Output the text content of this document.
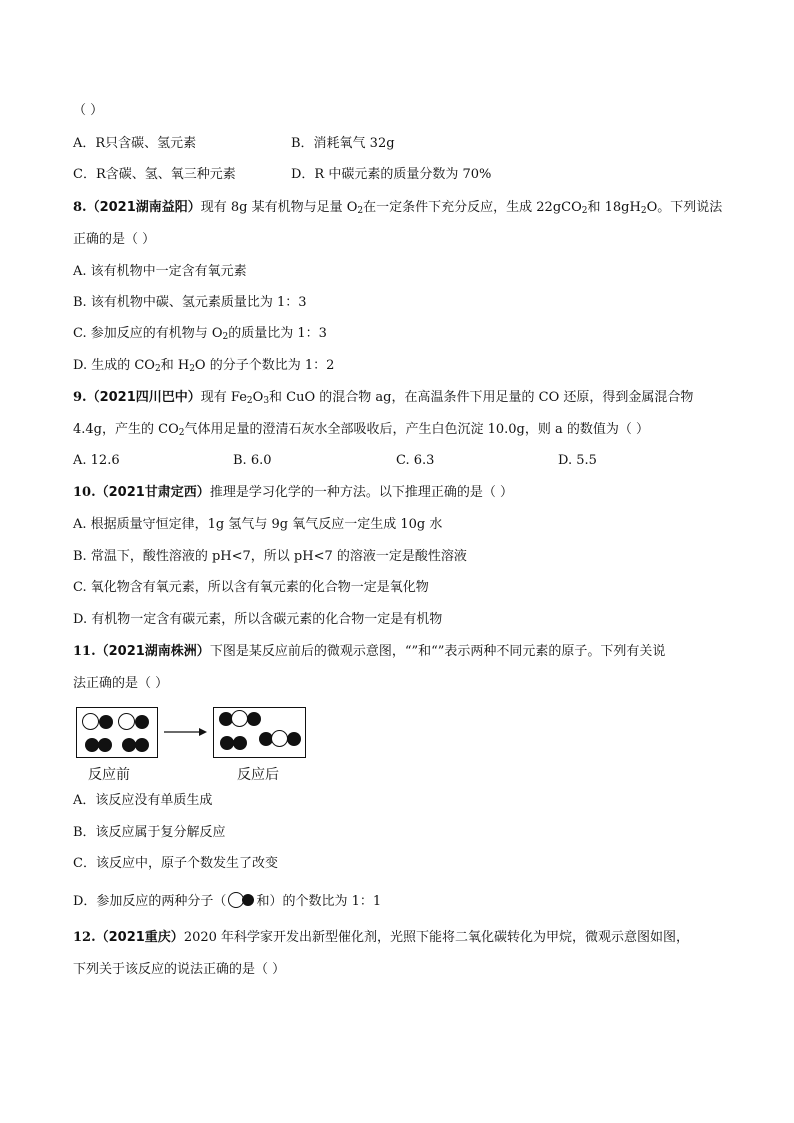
（ ）
A．R只含碳、氢元素	B．消耗氧气 32g
C．R含碳、氢、氧三种元素	D．R 中碳元素的质量分数为 70%
8.（2021湖南益阳）现有 8g 某有机物与足量 $O_2$在一定条件下充分反应，生成 22gCO$_2$和 $18gH_2O$。下列说法
正确的是（ ）
A. 该有机物中一定含有氧元素
B. 该有机物中碳、氢元素质量比为 1：3
C. 参加反应的有机物与 $O_2$的质量比为 1：3
D. 生成的 $CO_2$和 $H_2O$ 的分子个数比为 1：2
9.（2021四川巴中）现有 $Fe_2O_3$和 CuO 的混合物 ag，在高温条件下用足量的 CO 还原，得到金属混合物
4.4g，产生的 $CO_2$气体用足量的澄清石灰水全部吸收后，产生白色沉淀 10.0g，则 a 的数值为（ ）
A. 12.6	B. 6.0	C. 6.3	D. 5.5
10.（2021甘肃定西）推理是学习化学的一种方法。以下推理正确的是（ ）
A. 根据质量守恒定律，1g 氢气与 9g 氧气反应一定生成 10g 水
B. 常温下，酸性溶液的 pH<7，所以 pH<7 的溶液一定是酸性溶液
C. 氧化物含有氧元素，所以含有氧元素的化合物一定是氧化物
D. 有机物一定含有碳元素，所以含碳元素的化合物一定是有机物
11.（2021湖南株洲）下图是某反应前后的微观示意图，“”和“”表示两种不同元素的原子。下列有关说
法正确的是（ ）
反应前	反应后
A．该反应没有单质生成
B．该反应属于复分解反应
C．该反应中，原子个数发生了改变
D．参加反应的两种分子（ 和）的个数比为 1：1
12.（2021重庆）2020 年科学家开发出新型催化剂，光照下能将二氧化碳转化为甲烷，微观示意图如图，
下列关于该反应的说法正确的是（ ）
